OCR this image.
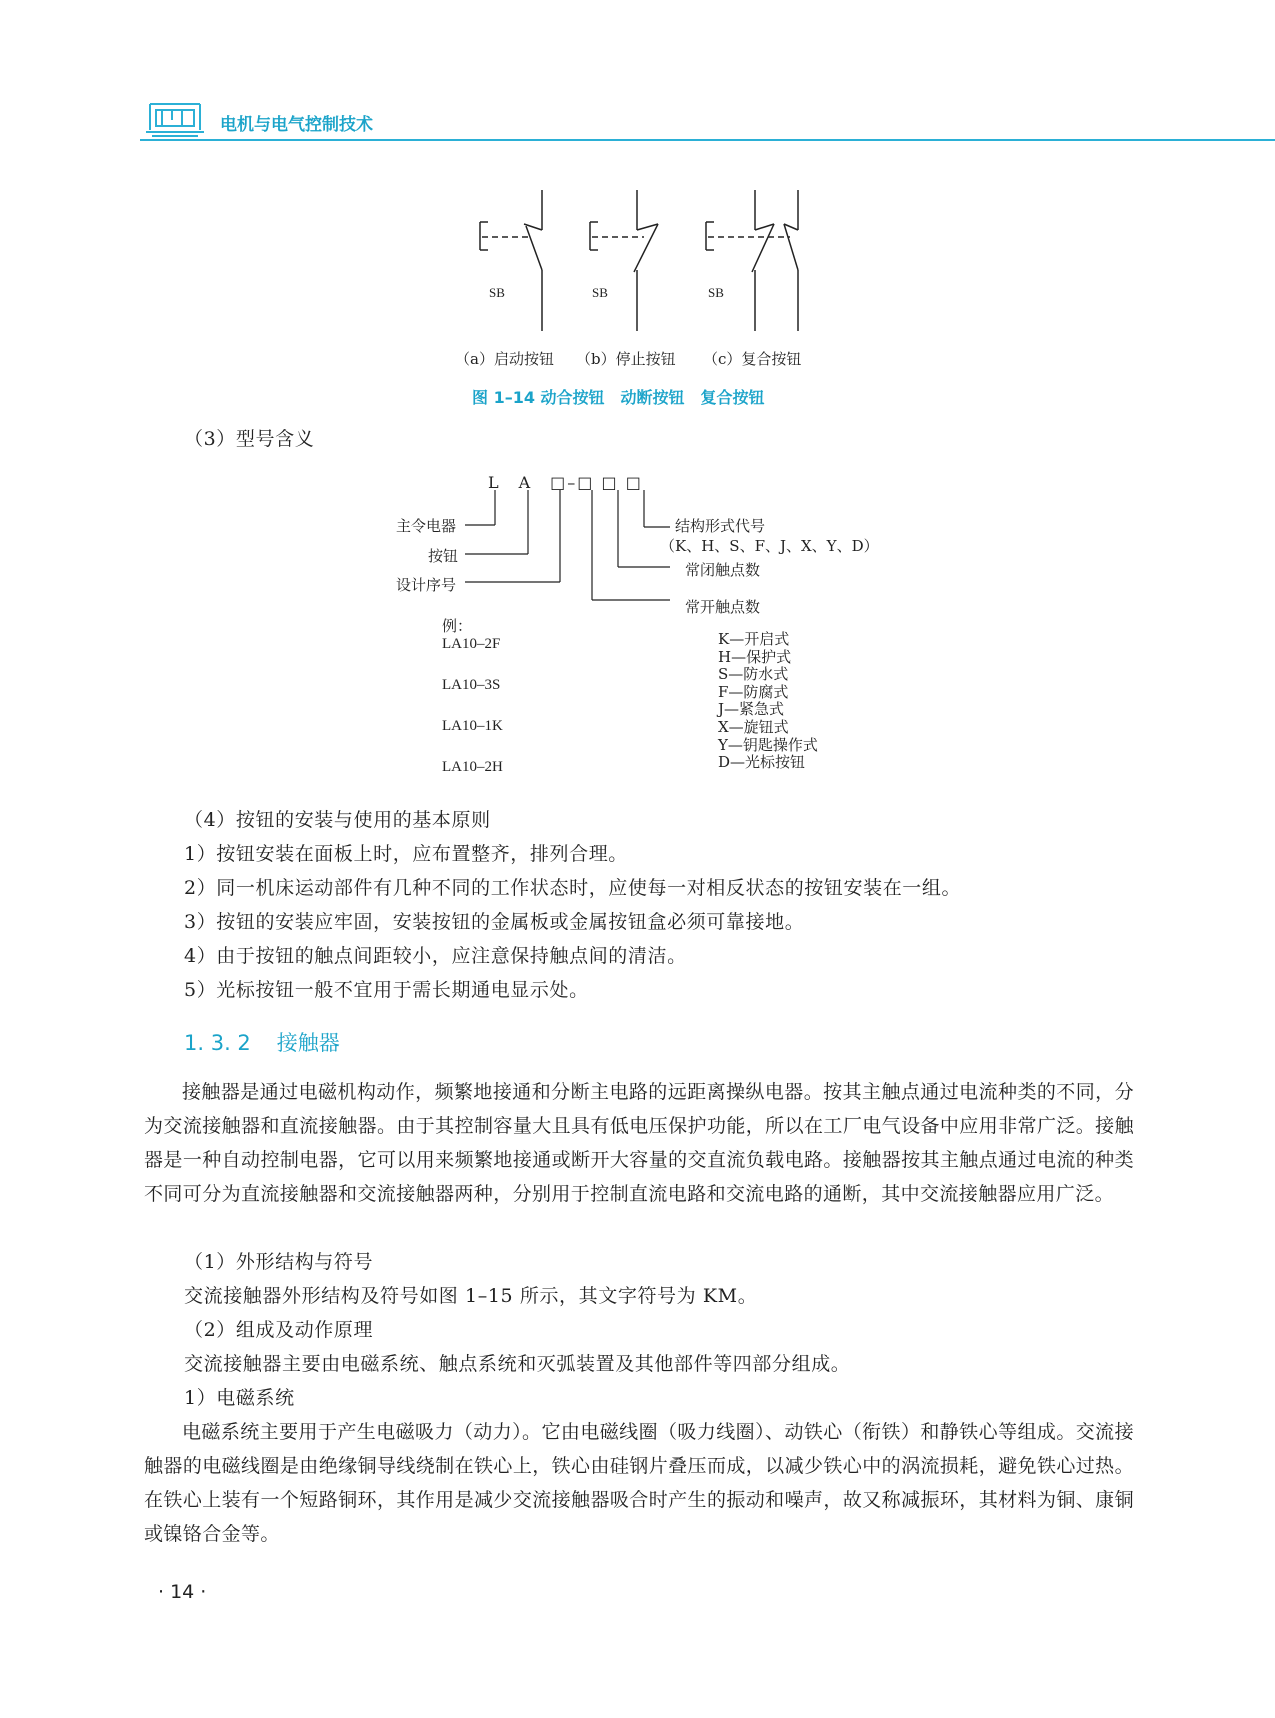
电机与电气控制技术
SB	SB	SB
（a）启动按钮 （b）停止按钮 （c）复合按钮
图 1–14 动合按钮　动断按钮　复合按钮
（3）型号含义
L　A　□–□ □ □
主令电器
按钮
设计序号
结构形式代号
（K、H、S、F、J、X、Y、D）
常闭触点数
常开触点数
例：
LA10–2F
LA10–3S
LA10–1K
LA10–2H
K—开启式
H—保护式
S—防水式
F—防腐式
J—紧急式
X—旋钮式
Y—钥匙操作式
D—光标按钮
（4）按钮的安装与使用的基本原则
1）按钮安装在面板上时，应布置整齐，排列合理。
2）同一机床运动部件有几种不同的工作状态时，应使每一对相反状态的按钮安装在一组。
3）按钮的安装应牢固，安装按钮的金属板或金属按钮盒必须可靠接地。
4）由于按钮的触点间距较小，应注意保持触点间的清洁。
5）光标按钮一般不宜用于需长期通电显示处。
1. 3. 2 接触器
接触器是通过电磁机构动作，频繁地接通和分断主电路的远距离操纵电器。按其主触点通过电流种类的不同，分为交流接触器和直流接触器。由于其控制容量大且具有低电压保护功能，所以在工厂电气设备中应用非常广泛。接触器是一种自动控制电器，它可以用来频繁地接通或断开大容量的交直流负载电路。接触器按其主触点通过电流的种类不同可分为直流接触器和交流接触器两种，分别用于控制直流电路和交流电路的通断，其中交流接触器应用广泛。
（1）外形结构与符号
交流接触器外形结构及符号如图 1–15 所示，其文字符号为 KM。
（2）组成及动作原理
交流接触器主要由电磁系统、触点系统和灭弧装置及其他部件等四部分组成。
1）电磁系统
电磁系统主要用于产生电磁吸力（动力）。它由电磁线圈（吸力线圈）、动铁心（衔铁）和静铁心等组成。交流接触器的电磁线圈是由绝缘铜导线绕制在铁心上，铁心由硅钢片叠压而成，以减少铁心中的涡流损耗，避免铁心过热。在铁心上装有一个短路铜环，其作用是减少交流接触器吸合时产生的振动和噪声，故又称减振环，其材料为铜、康铜或镍铬合金等。
· 14 ·
